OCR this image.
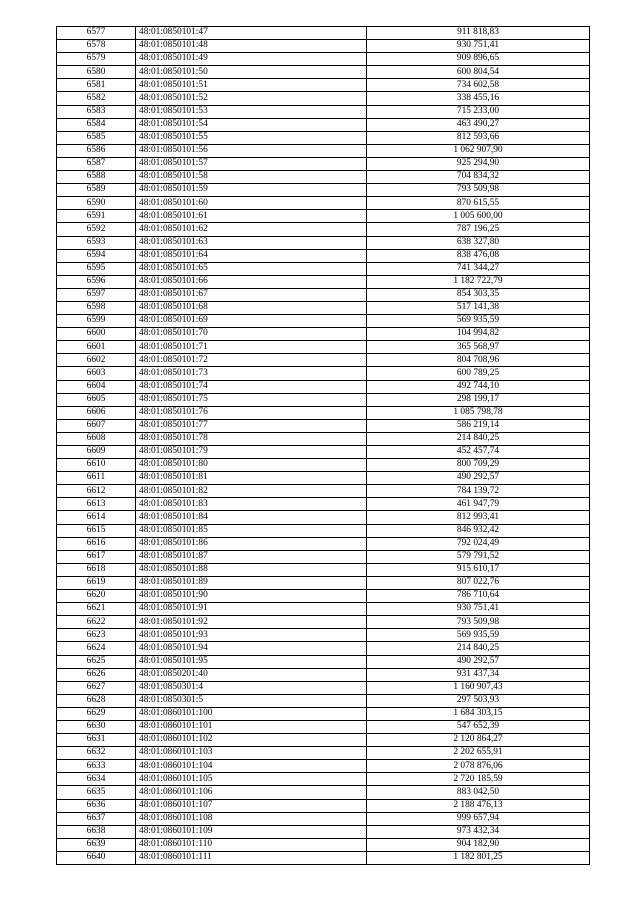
6577	48:01:0850101:47	911 818,83
6578	48:01:0850101:48	930 751,41
6579	48:01:0850101:49	909 896,65
6580	48:01:0850101:50	600 804,54
6581	48:01:0850101:51	734 602,58
6582	48:01:0850101:52	338 455,16
6583	48:01:0850101:53	715 233,00
6584	48:01:0850101:54	463 490,27
6585	48:01:0850101:55	812 593,66
6586	48:01:0850101:56	1 062 907,90
6587	48:01:0850101:57	925 294,90
6588	48:01:0850101:58	704 834,32
6589	48:01:0850101:59	793 509,98
6590	48:01:0850101:60	870 615,55
6591	48:01:0850101:61	1 005 600,00
6592	48:01:0850101:62	787 196,25
6593	48:01:0850101:63	638 327,80
6594	48:01:0850101:64	838 476,08
6595	48:01:0850101:65	741 344,27
6596	48:01:0850101:66	1 182 722,79
6597	48:01:0850101:67	854 303,35
6598	48:01:0850101:68	517 141,38
6599	48:01:0850101:69	569 935,59
6600	48:01:0850101:70	104 994,82
6601	48:01:0850101:71	365 568,97
6602	48:01:0850101:72	804 708,96
6603	48:01:0850101:73	600 789,25
6604	48:01:0850101:74	492 744,10
6605	48:01:0850101:75	298 199,17
6606	48:01:0850101:76	1 085 798,78
6607	48:01:0850101:77	586 219,14
6608	48:01:0850101:78	214 840,25
6609	48:01:0850101:79	452 457,74
6610	48:01:0850101:80	800 709,29
6611	48:01:0850101:81	490 292,57
6612	48:01:0850101:82	784 139,72
6613	48:01:0850101:83	461 947,79
6614	48:01:0850101:84	812 993,41
6615	48:01:0850101:85	846 932,42
6616	48:01:0850101:86	792 024,49
6617	48:01:0850101:87	579 791,52
6618	48:01:0850101:88	915 610,17
6619	48:01:0850101:89	807 022,76
6620	48:01:0850101:90	786 710,64
6621	48:01:0850101:91	930 751,41
6622	48:01:0850101:92	793 509,98
6623	48:01:0850101:93	569 935,59
6624	48:01:0850101:94	214 840,25
6625	48:01:0850101:95	490 292,57
6626	48:01:0850201:40	931 437,34
6627	48:01:0850301:4	1 160 907,43
6628	48:01:0850301:5	297 503,93
6629	48:01:0860101:100	1 684 303,15
6630	48:01:0860101:101	547 652,39
6631	48:01:0860101:102	2 120 864,27
6632	48:01:0860101:103	2 202 655,91
6633	48:01:0860101:104	2 078 876,06
6634	48:01:0860101:105	2 720 185,59
6635	48:01:0860101:106	883 042,50
6636	48:01:0860101:107	2 188 476,13
6637	48:01:0860101:108	999 657,94
6638	48:01:0860101:109	973 432,34
6639	48:01:0860101:110	904 182,90
6640	48:01:0860101:111	1 182 801,25
